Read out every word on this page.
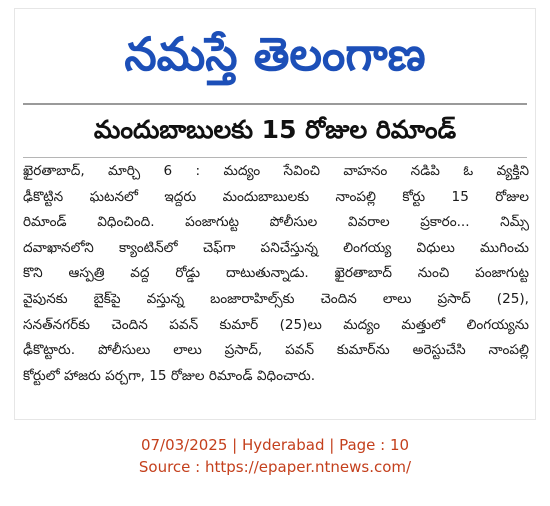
నమస్తే తెలంగాణ
మందుబాబులకు 15 రోజుల రిమాండ్
ఖైరతాబాద్, మార్చి 6 : మద్యం సేవించి వాహనం నడిపి ఓ వ్యక్తిని
ఢీకొట్టిన ఘటనలో ఇద్దరు మందుబాబులకు నాంపల్లి కోర్టు 15 రోజుల
రిమాండ్ విధించింది. పంజాగుట్ట పోలీసుల వివరాల ప్రకారం... నిమ్స్
దవాఖానలోని క్యాంటిన్‌లో చెఫ్‌గా పనిచేస్తున్న లింగయ్య విధులు ముగించు
కొని ఆస్పత్రి వద్ద రోడ్డు దాటుతున్నాడు. ఖైరతాబాద్ నుంచి పంజాగుట్ట
వైపునకు బైక్‌పై వస్తున్న బంజారాహిల్స్‌కు చెందిన లాలు ప్రసాద్ (25),
సనత్‌నగర్‌కు చెందిన పవన్ కుమార్ (25)లు మద్యం మత్తులో లింగయ్యను
ఢీకొట్టారు. పోలీసులు లాలు ప్రసాద్, పవన్ కుమార్‌ను అరెస్టుచేసి నాంపల్లి
కోర్టులో హాజరు పర్చగా, 15 రోజుల రిమాండ్ విధించారు.
07/03/2025 | Hyderabad | Page : 10
Source : https://epaper.ntnews.com/
